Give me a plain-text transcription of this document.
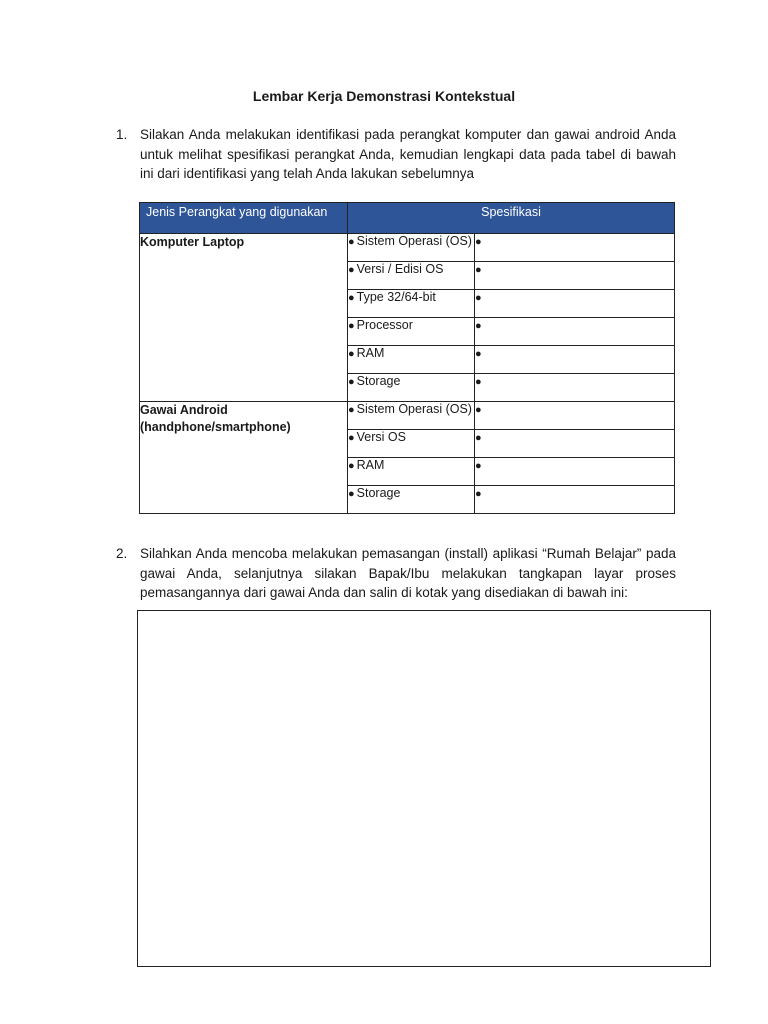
Lembar Kerja Demonstrasi Kontekstual
1. Silakan Anda melakukan identifikasi pada perangkat komputer dan gawai android Anda untuk melihat spesifikasi perangkat Anda, kemudian lengkapi data pada tabel di bawah ini dari identifikasi yang telah Anda lakukan sebelumnya
Jenis Perangkat yang digunakan	Spesifikasi	
Komputer Laptop	● Sistem Operasi (OS)	●
	● Versi / Edisi OS	●
	● Type 32/64-bit	●
	● Processor	●
	● RAM	●
	● Storage	●

Gawai Android
(handphone/smartphone)	● Sistem Operasi (OS)	●
	● Versi OS	●
	● RAM	●
	● Storage	●
2. Silahkan Anda mencoba melakukan pemasangan (install) aplikasi “Rumah Belajar” pada gawai Anda, selanjutnya silakan Bapak/Ibu melakukan tangkapan layar proses pemasangannya dari gawai Anda dan salin di kotak yang disediakan di bawah ini:
